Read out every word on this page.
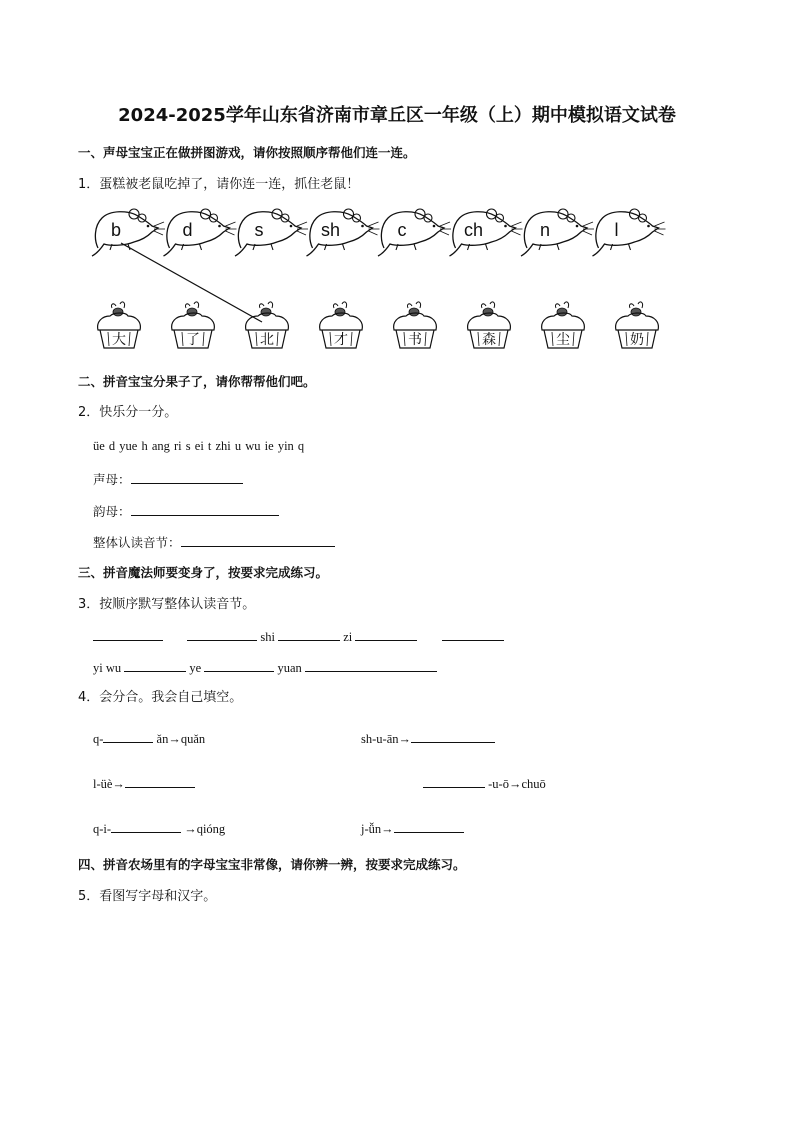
2024-2025学年山东省济南市章丘区一年级（上）期中模拟语文试卷
一、声母宝宝正在做拼图游戏，请你按照顺序帮他们连一连。
1．蛋糕被老鼠吃掉了，请你连一连，抓住老鼠！
b	d	s	sh	c	ch	n	l
大	了	北	才	书	森	尘	奶
二、拼音宝宝分果子了，请你帮帮他们吧。
2．快乐分一分。
üe d yue h ang ri s ei t zhi u wu ie yin q
声母：
韵母：
整体认读音节：
三、拼音魔法师要变身了，按要求完成练习。
3．按顺序默写整体认读音节。
shi	zi
yi wu	ye	yuan
4．会分合。我会自己填空。
q-	ǎn→quǎn	sh-u-ān→
l-üè→	-u-ō→chuō
q-i-	→qióng	j-ǚn→
四、拼音农场里有的字母宝宝非常像，请你辨一辨，按要求完成练习。
5．看图写字母和汉字。
